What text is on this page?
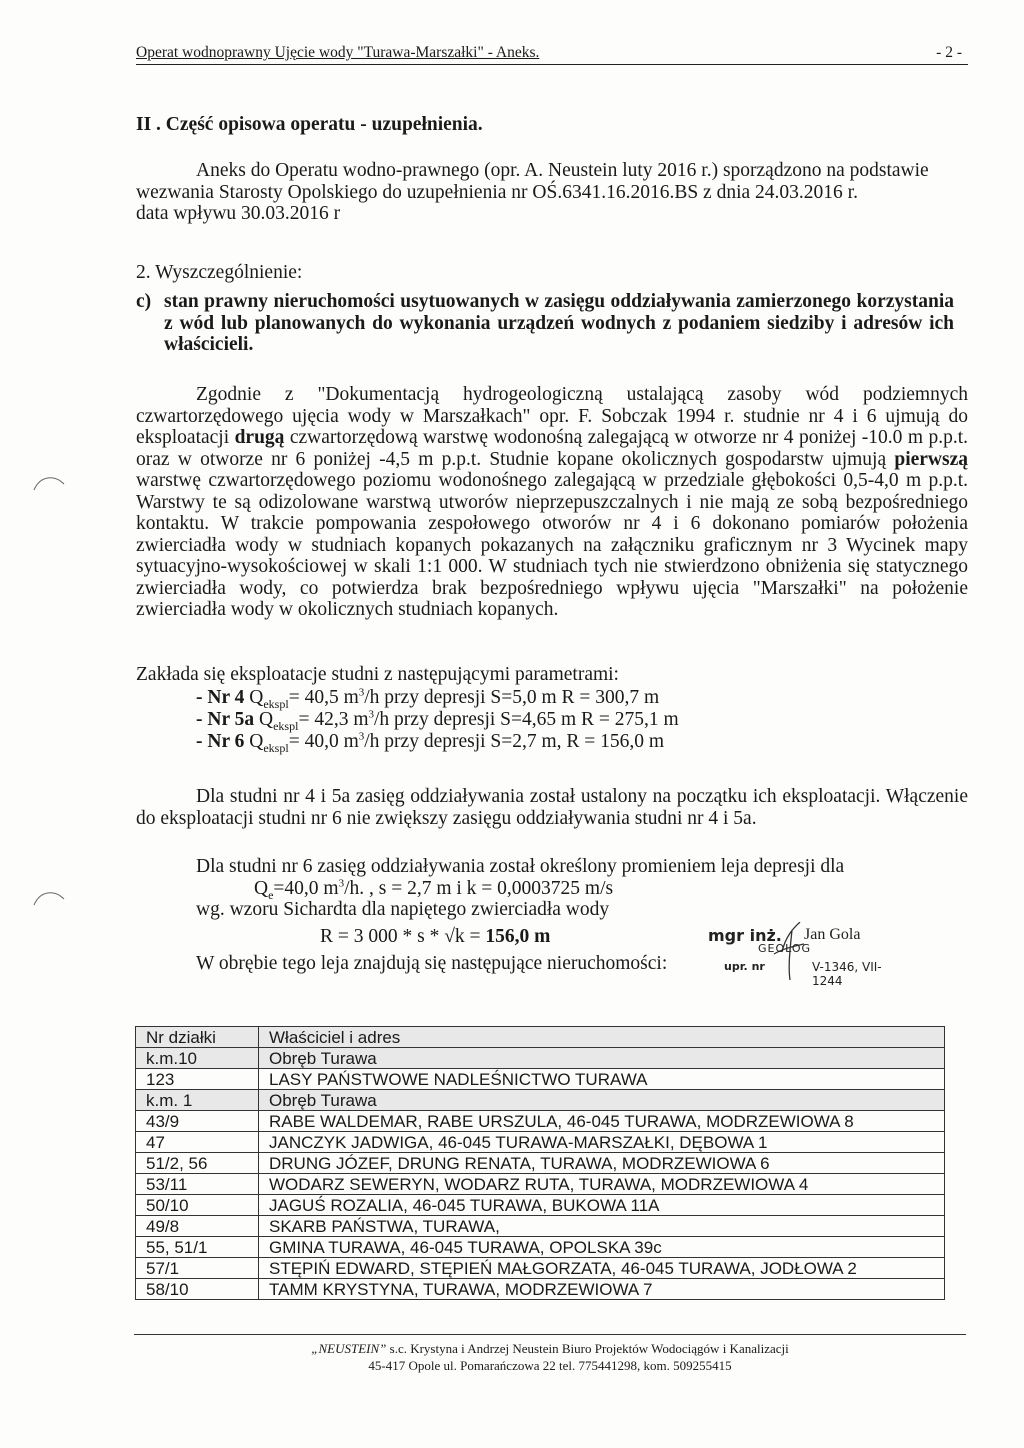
Operat wodnoprawny Ujęcie wody "Turawa-Marszałki" - Aneks.	- 2 -
II . Część opisowa operatu - uzupełnienia.
Aneks do Operatu wodno-prawnego (opr. A. Neustein luty 2016 r.) sporządzono na podstawie
wezwania Starosty Opolskiego do uzupełnienia nr OŚ.6341.16.2016.BS z dnia 24.03.2016 r.
data wpływu 30.03.2016 r
2. Wyszczególnienie:
c) stan prawny nieruchomości usytuowanych w zasięgu oddziaływania zamierzonego korzystania z wód lub planowanych do wykonania urządzeń wodnych z podaniem siedziby i adresów ich właścicieli.
Zgodnie z "Dokumentacją hydrogeologiczną ustalającą zasoby wód podziemnych czwartorzędowego ujęcia wody w Marszałkach" opr. F. Sobczak 1994 r. studnie nr 4 i 6 ujmują do eksploatacji drugą czwartorzędową warstwę wodonośną zalegającą w otworze nr 4 poniżej -10.0 m p.p.t. oraz w otworze nr 6 poniżej -4,5 m p.p.t. Studnie kopane okolicznych gospodarstw ujmują pierwszą warstwę czwartorzędowego poziomu wodonośnego zalegającą w przedziale głębokości 0,5-4,0 m p.p.t. Warstwy te są odizolowane warstwą utworów nieprzepuszczalnych i nie mają ze sobą bezpośredniego kontaktu. W trakcie pompowania zespołowego otworów nr 4 i 6 dokonano pomiarów położenia zwierciadła wody w studniach kopanych pokazanych na załączniku graficznym nr 3 Wycinek mapy sytuacyjno-wysokościowej w skali 1:1 000. W studniach tych nie stwierdzono obniżenia się statycznego zwierciadła wody, co potwierdza brak bezpośredniego wpływu ujęcia "Marszałki" na położenie zwierciadła wody w okolicznych studniach kopanych.
Zakłada się eksploatacje studni z następującymi parametrami:
- Nr 4 $Q_{ekspl}= 40,5$ $m^3/h$ przy depresji S=5,0 m R = 300,7 m
- Nr 5a $Q_{ekspl}= 42,3$ $m^3/h$ przy depresji S=4,65 m R = 275,1 m
- Nr 6 $Q_{ekspl}= 40,0$ $m^3/h$ przy depresji S=2,7 m, R = 156,0 m
Dla studni nr 4 i 5a zasięg oddziaływania został ustalony na początku ich eksploatacji. Włączenie do eksploatacji studni nr 6 nie zwiększy zasięgu oddziaływania studni nr 4 i 5a.
Dla studni nr 6 zasięg oddziaływania został określony promieniem leja depresji dla
$Q_e=40,0$ $m^3/h$. , s = 2,7 m i k = 0,0003725 m/s
wg. wzoru Sichardta dla napiętego zwierciadła wody
R = 3 000 * s * √k = 156,0 m
W obrębie tego leja znajdują się następujące nieruchomości:
mgr inż. Jan Gola
GEOLOG
upr. nr	V-1346, VII-1244
Nr działki	Właściciel i adres
k.m.10	Obręb Turawa
123	LASY PAŃSTWOWE NADLEŚNICTWO TURAWA
k.m. 1	Obręb Turawa
43/9	RABE WALDEMAR, RABE URSZULA, 46-045 TURAWA, MODRZEWIOWA 8
47	JANCZYK JADWIGA, 46-045 TURAWA-MARSZAŁKI, DĘBOWA 1
51/2, 56	DRUNG JÓZEF, DRUNG RENATA, TURAWA, MODRZEWIOWA 6
53/11	WODARZ SEWERYN, WODARZ RUTA, TURAWA, MODRZEWIOWA 4
50/10	JAGUŚ ROZALIA, 46-045 TURAWA, BUKOWA 11A
49/8	SKARB PAŃSTWA, TURAWA,
55, 51/1	GMINA TURAWA, 46-045 TURAWA, OPOLSKA 39c
57/1	STĘPIŃ EDWARD, STĘPIEŃ MAŁGORZATA, 46-045 TURAWA, JODŁOWA 2
58/10	TAMM KRYSTYNA, TURAWA, MODRZEWIOWA 7
„NEUSTEIN” s.c. Krystyna i Andrzej Neustein Biuro Projektów Wodociągów i Kanalizacji
45-417 Opole ul. Pomarańczowa 22 tel. 775441298, kom. 509255415
